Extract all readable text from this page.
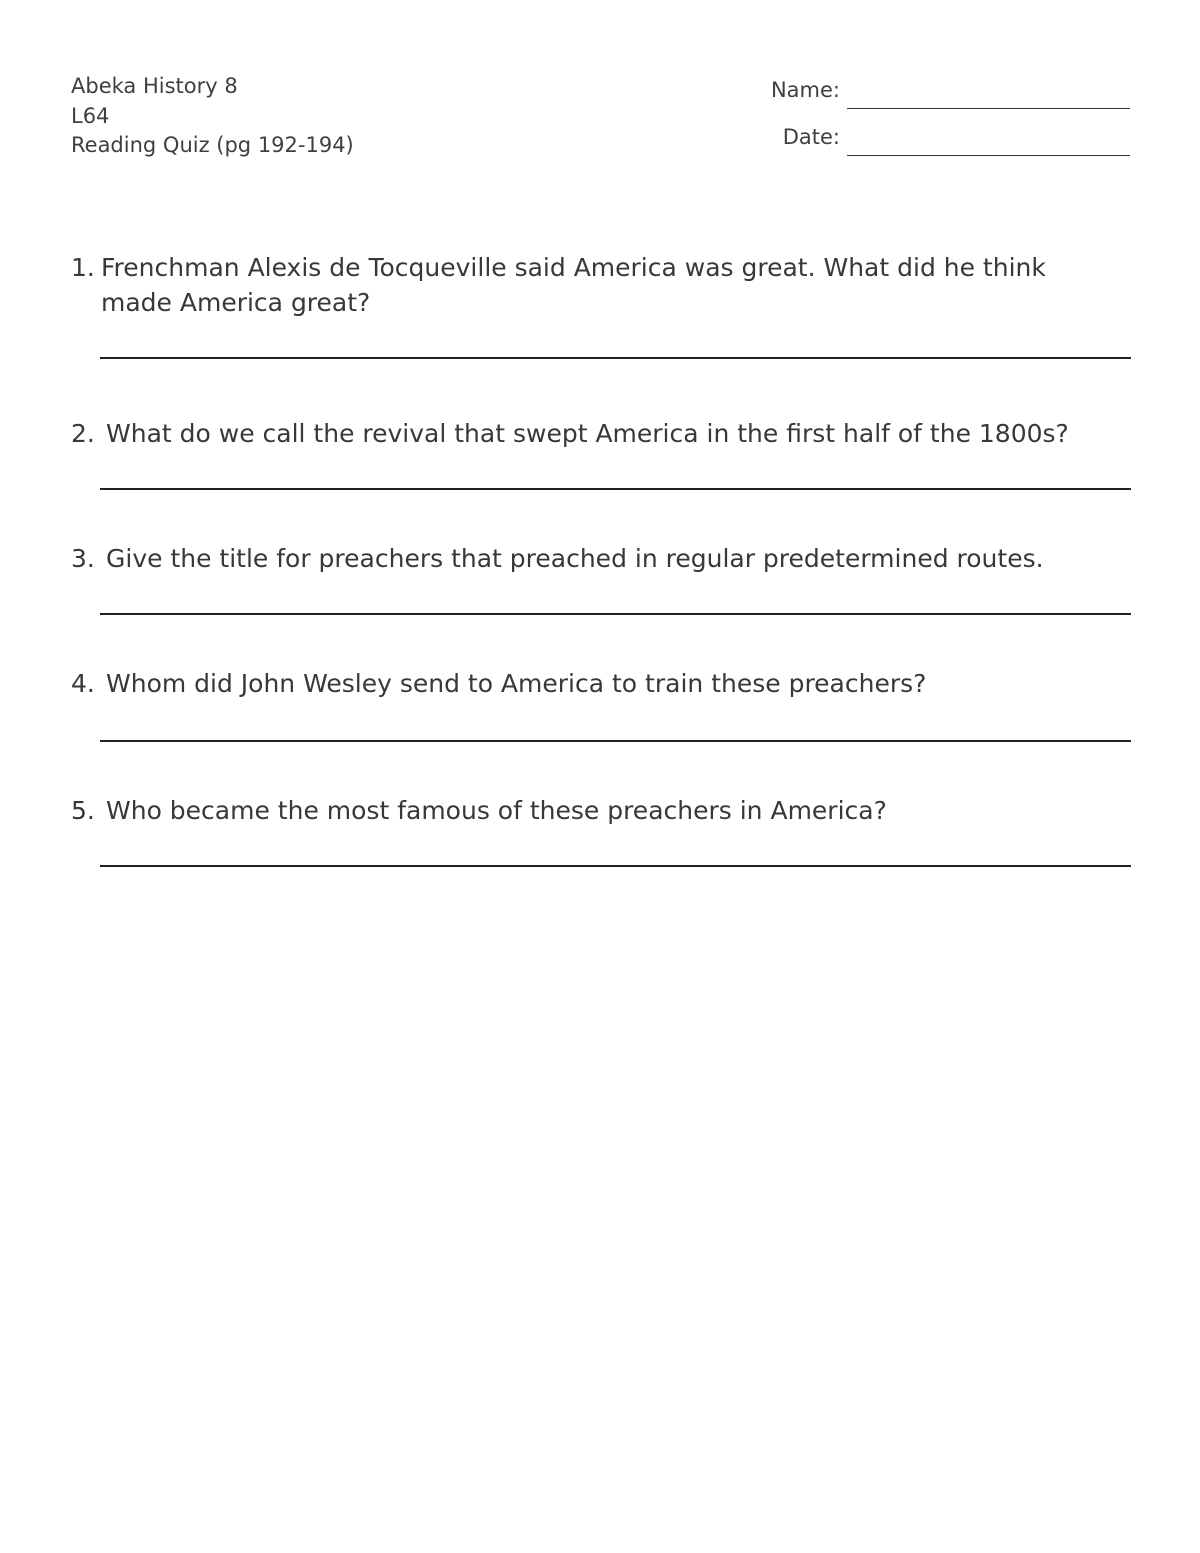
Abeka History 8
L64
Reading Quiz (pg 192-194)
Name:
Date:
1. Frenchman Alexis de Tocqueville said America was great. What did he think made America great?
2. What do we call the revival that swept America in the first half of the 1800s?
3. Give the title for preachers that preached in regular predetermined routes.
4. Whom did John Wesley send to America to train these preachers?
5. Who became the most famous of these preachers in America?
